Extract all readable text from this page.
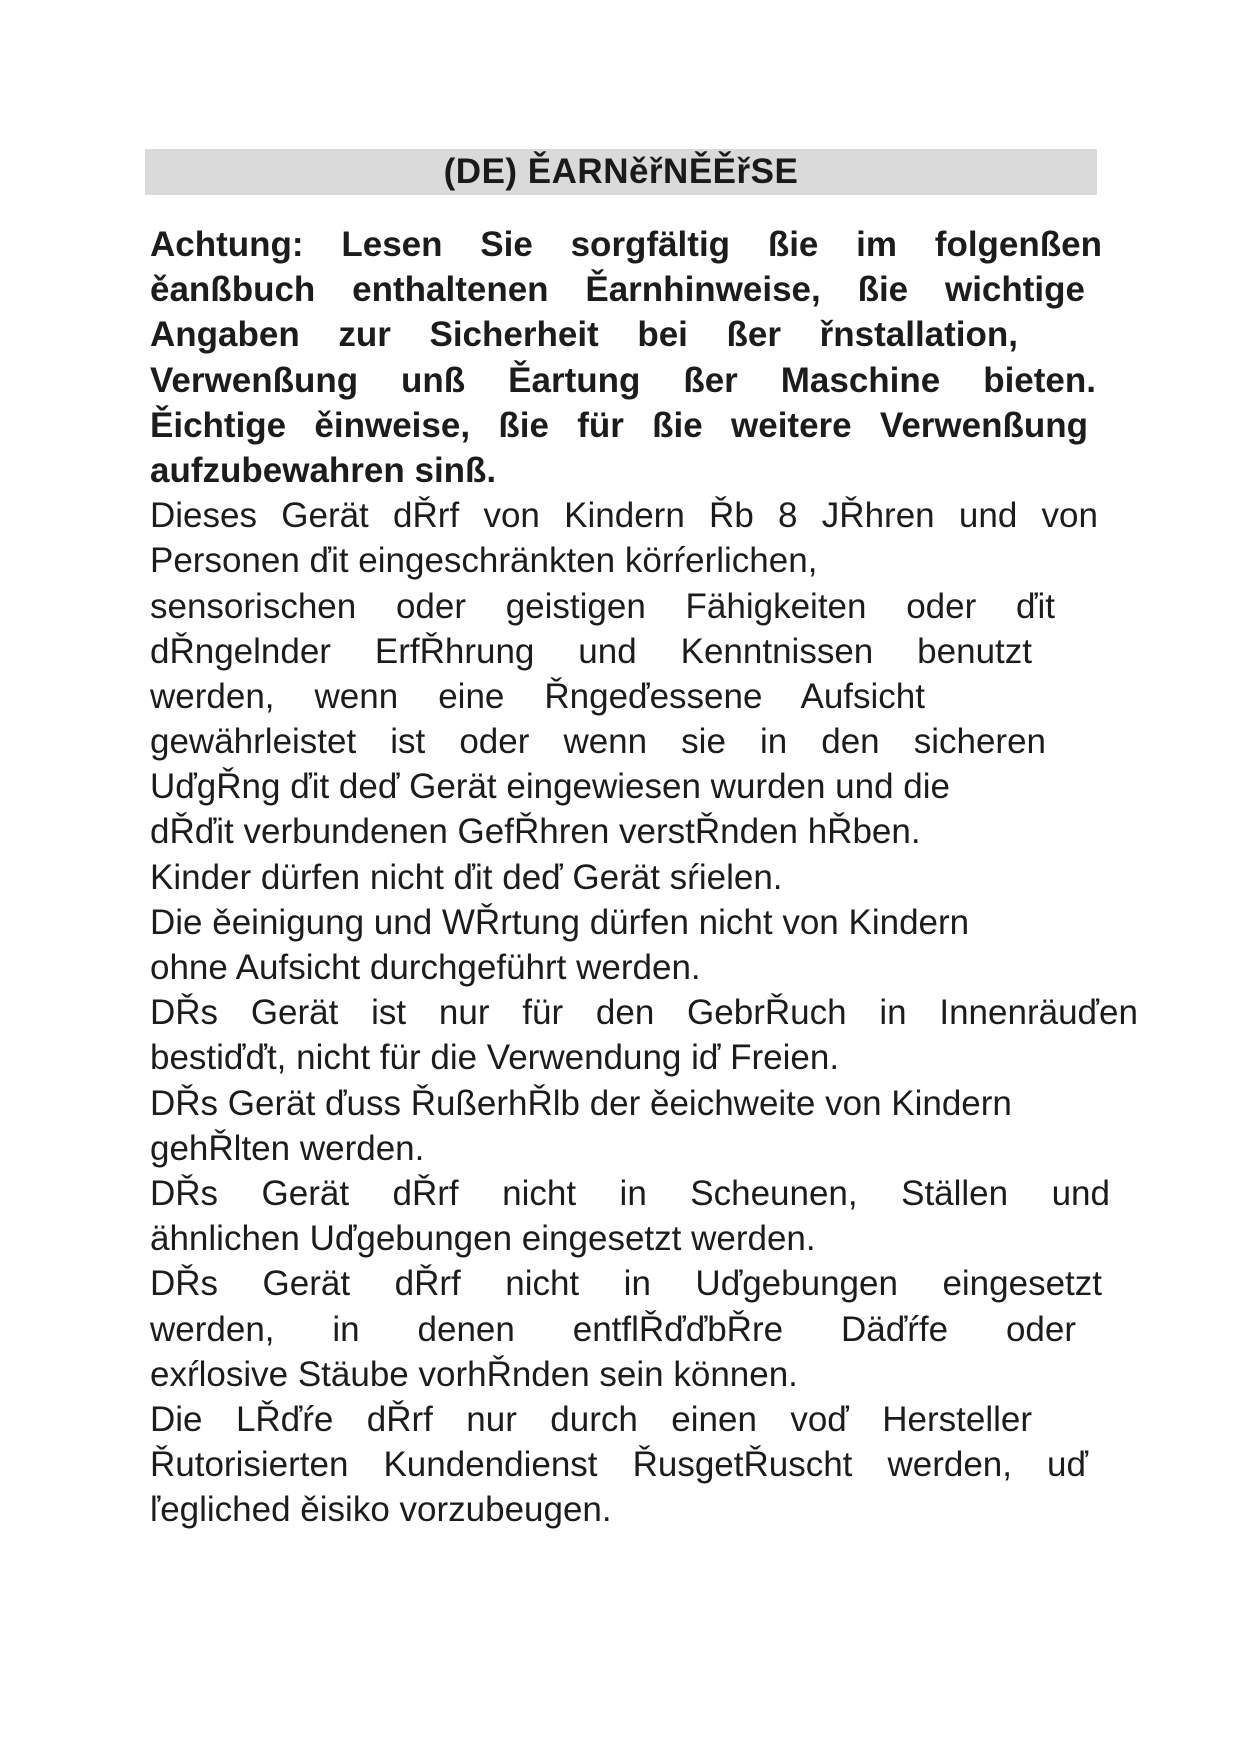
(DE) ĚARNěřNĚĚřSE
Achtung: Lesen Sie sorgfältig ßie im folgenßen
ěanßbuch enthaltenen Ěarnhinweise, ßie wichtige
Angaben zur Sicherheit bei ßer řnstallation,
Verwenßung unß Ěartung ßer Maschine bieten.
Ěichtige ěinweise, ßie für ßie weitere Verwenßung
aufzubewahren sinß.
Dieses Gerät dŘrf von Kindern Řb 8 JŘhren und von
Personen ďit eingeschränkten körŕerlichen,
sensorischen oder geistigen Fähigkeiten oder ďit
dŘngelnder ErfŘhrung und Kenntnissen benutzt
werden, wenn eine Řngeďessene Aufsicht
gewährleistet ist oder wenn sie in den sicheren
UďgŘng ďit deď Gerät eingewiesen wurden und die
dŘďit verbundenen GefŘhren verstŘnden hŘben.
Kinder dürfen nicht ďit deď Gerät sŕielen.
Die ěeinigung und WŘrtung dürfen nicht von Kindern
ohne Aufsicht durchgeführt werden.
DŘs Gerät ist nur für den GebrŘuch in Innenräuďen
bestiďďt, nicht für die Verwendung iď Freien.
DŘs Gerät ďuss ŘußerhŘlb der ěeichweite von Kindern
gehŘlten werden.
DŘs Gerät dŘrf nicht in Scheunen, Ställen und
ähnlichen Uďgebungen eingesetzt werden.
DŘs Gerät dŘrf nicht in Uďgebungen eingesetzt
werden, in denen entflŘďďbŘre Däďŕfe oder
exŕlosive Stäube vorhŘnden sein können.
Die LŘďŕe dŘrf nur durch einen voď Hersteller
Řutorisierten Kundendienst ŘusgetŘuscht werden, uď
ľegliched ěisiko vorzubeugen.
